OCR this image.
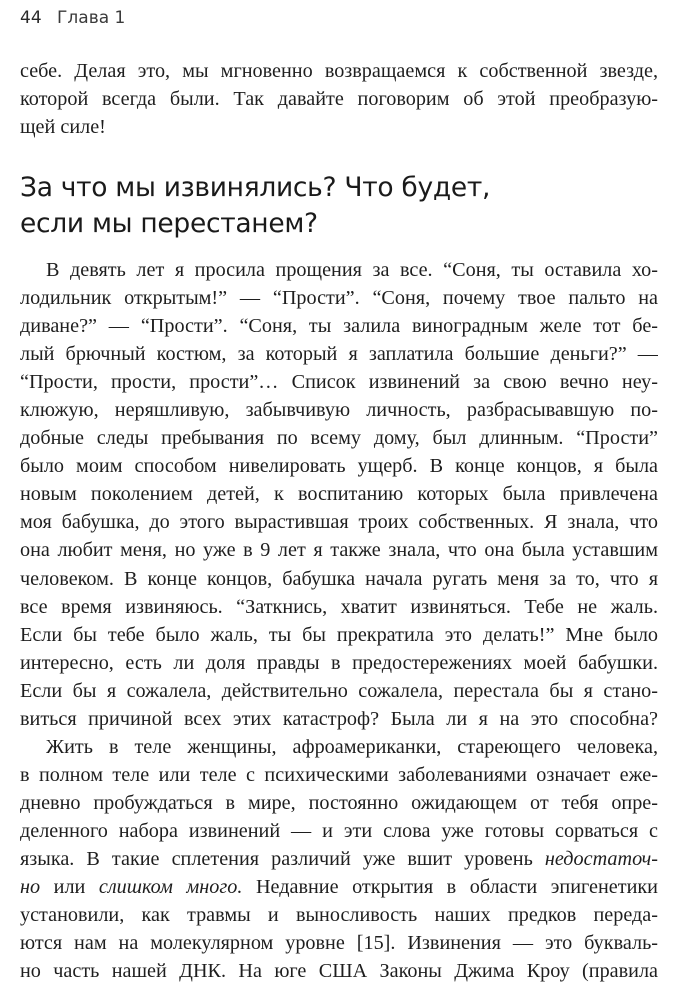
44 Глава 1
себе. Делая это, мы мгновенно возвращаемся к собственной звезде,
которой всегда были. Так давайте поговорим об этой преобразую-
щей силе!
За что мы извинялись? Что будет,
если мы перестанем?
В девять лет я просила прощения за все. “Соня, ты оставила хо-
лодильник открытым!” — “Прости”. “Соня, почему твое пальто на
диване?” — “Прости”. “Соня, ты залила виноградным желе тот бе-
лый брючный костюм, за который я заплатила большие деньги?” —
“Прости, прости, прости”… Список извинений за свою вечно неу-
клюжую, неряшливую, забывчивую личность, разбрасывавшую по-
добные следы пребывания по всему дому, был длинным. “Прости”
было моим способом нивелировать ущерб. В конце концов, я была
новым поколением детей, к воспитанию которых была привлечена
моя бабушка, до этого вырастившая троих собственных. Я знала, что
она любит меня, но уже в 9 лет я также знала, что она была уставшим
человеком. В конце концов, бабушка начала ругать меня за то, что я
все время извиняюсь. “Заткнись, хватит извиняться. Тебе не жаль.
Если бы тебе было жаль, ты бы прекратила это делать!” Мне было
интересно, есть ли доля правды в предостережениях моей бабушки.
Если бы я сожалела, действительно сожалела, перестала бы я стано-
виться причиной всех этих катастроф? Была ли я на это способна?
Жить в теле женщины, афроамериканки, стареющего человека,
в полном теле или теле с психическими заболеваниями означает еже-
дневно пробуждаться в мире, постоянно ожидающем от тебя опре-
деленного набора извинений — и эти слова уже готовы сорваться с
языка. В такие сплетения различий уже вшит уровень недостаточ-
но или слишком много. Недавние открытия в области эпигенетики
установили, как травмы и выносливость наших предков переда-
ются нам на молекулярном уровне [15]. Извинения — это букваль-
но часть нашей ДНК. На юге США Законы Джима Кроу (правила
